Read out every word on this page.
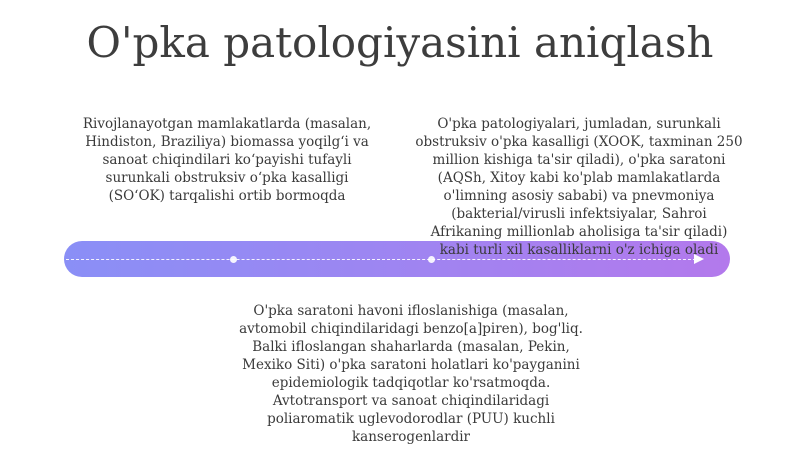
O'pka patologiyasini aniqlash
Rivojlanayotgan mamlakatlarda (masalan, Hindiston, Braziliya) biomassa yoqilg‘i va sanoat chiqindilari ko‘payishi tufayli surunkali obstruksiv o‘pka kasalligi (SO‘OK) tarqalishi ortib bormoqda
O'pka patologiyalari, jumladan, surunkali obstruksiv o'pka kasalligi (XOOK, taxminan 250 million kishiga ta'sir qiladi), o'pka saratoni (AQSh, Xitoy kabi ko'plab mamlakatlarda o'limning asosiy sababi) va pnevmoniya (bakterial/virusli infektsiyalar, Sahroi Afrikaning millionlab aholisiga ta'sir qiladi) kabi turli xil kasalliklarni o'z ichiga oladi
O'pka saratoni havoni ifloslanishiga (masalan, avtomobil chiqindilaridagi benzo[a]piren), bog'liq. Balki ifloslangan shaharlarda (masalan, Pekin, Mexiko Siti) o'pka saratoni holatlari ko'payganini epidemiologik tadqiqotlar ko'rsatmoqda. Avtotransport va sanoat chiqindilaridagi poliaromatik uglevodorodlar (PUU) kuchli kanserogenlardir
